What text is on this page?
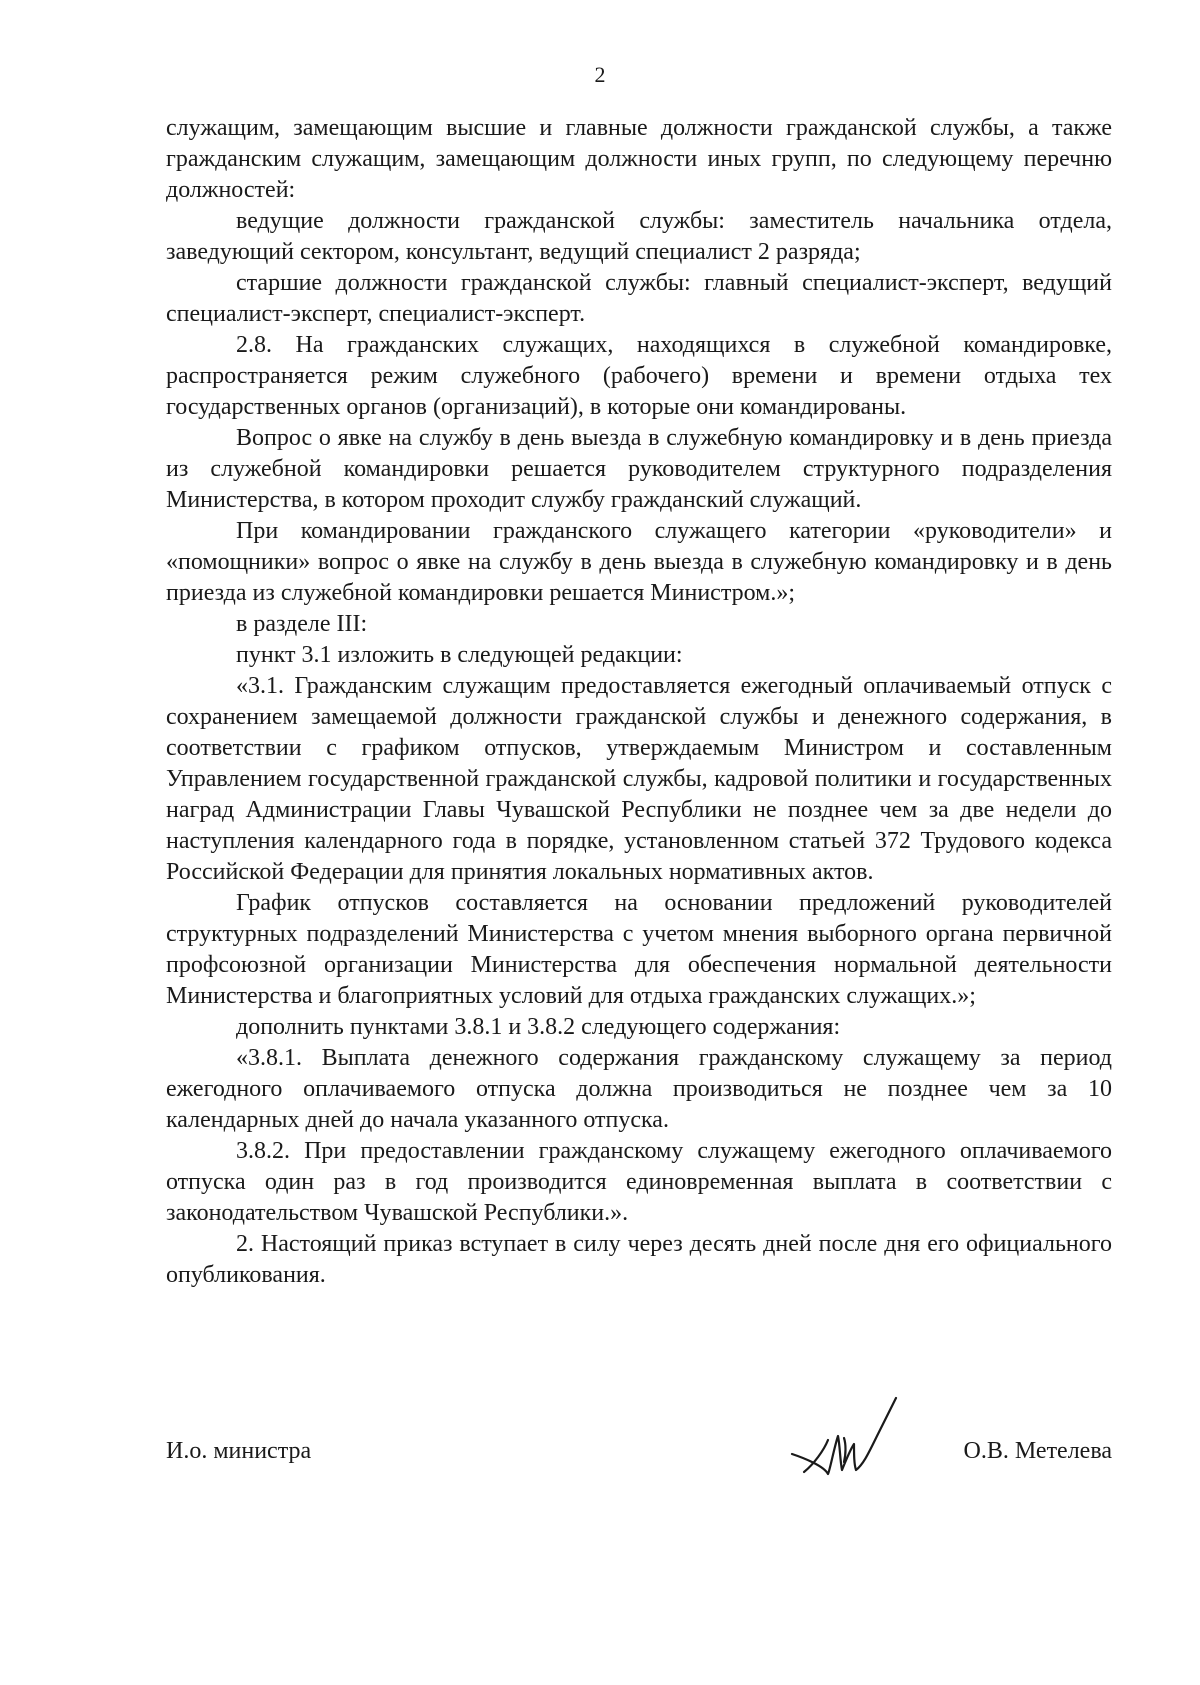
2

служащим, замещающим высшие и главные должности гражданской службы, а также гражданским служащим, замещающим должности иных групп, по следующему перечню должностей:

ведущие должности гражданской службы: заместитель начальника отдела, заведующий сектором, консультант, ведущий специалист 2 разряда;

старшие должности гражданской службы: главный специалист-эксперт, ведущий специалист-эксперт, специалист-эксперт.

2.8. На гражданских служащих, находящихся в служебной командировке, распространяется режим служебного (рабочего) времени и времени отдыха тех государственных органов (организаций), в которые они командированы.

Вопрос о явке на службу в день выезда в служебную командировку и в день приезда из служебной командировки решается руководителем структурного подразделения Министерства, в котором проходит службу гражданский служащий.

При командировании гражданского служащего категории «руководители» и «помощники» вопрос о явке на службу в день выезда в служебную командировку и в день приезда из служебной командировки решается Министром.»;

в разделе III:

пункт 3.1 изложить в следующей редакции:

«3.1. Гражданским служащим предоставляется ежегодный оплачиваемый отпуск с сохранением замещаемой должности гражданской службы и денежного содержания, в соответствии с графиком отпусков, утверждаемым Министром и составленным Управлением государственной гражданской службы, кадровой политики и государственных наград Администрации Главы Чувашской Республики не позднее чем за две недели до наступления календарного года в порядке, установленном статьей 372 Трудового кодекса Российской Федерации для принятия локальных нормативных актов.

График отпусков составляется на основании предложений руководителей структурных подразделений Министерства с учетом мнения выборного органа первичной профсоюзной организации Министерства для обеспечения нормальной деятельности Министерства и благоприятных условий для отдыха гражданских служащих.»;

дополнить пунктами 3.8.1 и 3.8.2 следующего содержания:

«3.8.1. Выплата денежного содержания гражданскому служащему за период ежегодного оплачиваемого отпуска должна производиться не позднее чем за 10 календарных дней до начала указанного отпуска.

3.8.2. При предоставлении гражданскому служащему ежегодного оплачиваемого отпуска один раз в год производится единовременная выплата в соответствии с законодательством Чувашской Республики.».

2. Настоящий приказ вступает в силу через десять дней после дня его официального опубликования.

И.о. министра	О.В. Метелева
